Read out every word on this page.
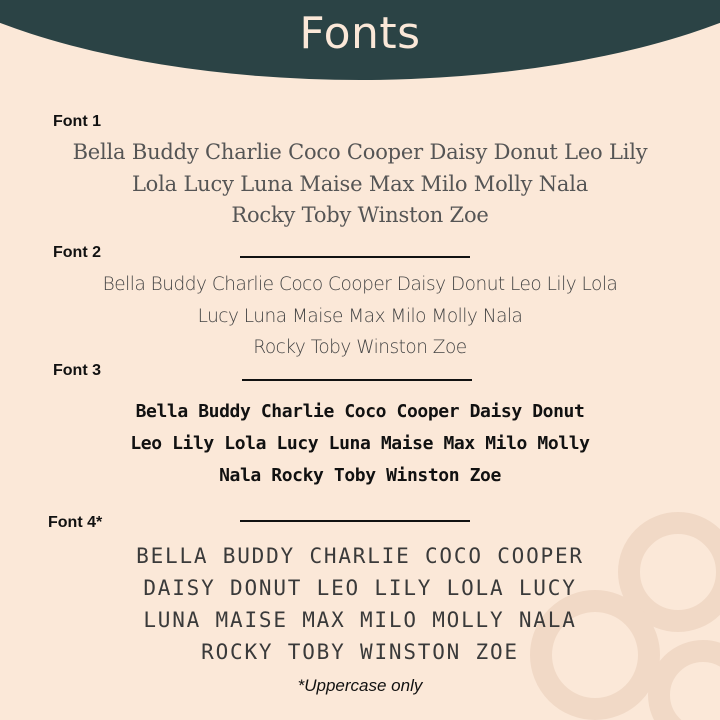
Fonts
Font 1
Bella Buddy Charlie Coco Cooper Daisy Donut Leo Lily
Lola Lucy Luna Maise Max Milo Molly Nala
Rocky Toby Winston Zoe
Font 2
Bella Buddy Charlie Coco Cooper Daisy Donut Leo Lily Lola
Lucy Luna Maise Max Milo Molly Nala
Rocky Toby Winston Zoe
Font 3
Bella Buddy Charlie Coco Cooper Daisy Donut
Leo Lily Lola Lucy Luna Maise Max Milo Molly
Nala Rocky Toby Winston Zoe
Font 4*
BELLA BUDDY CHARLIE COCO COOPER
DAISY DONUT LEO LILY LOLA LUCY
LUNA MAISE MAX MILO MOLLY NALA
ROCKY TOBY WINSTON ZOE
*Uppercase only
